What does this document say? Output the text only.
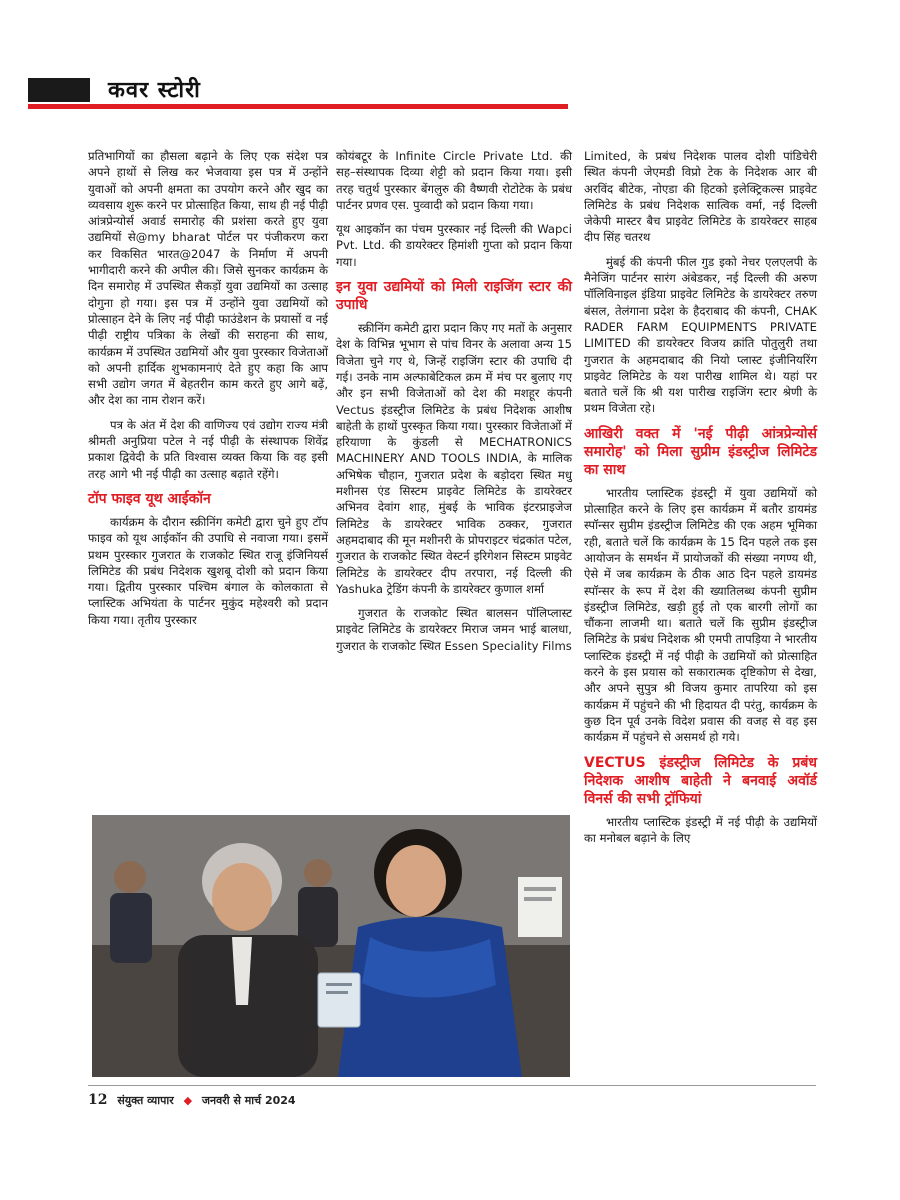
कवर स्टोरी

प्रतिभागियों का हौसला बढ़ाने के लिए एक संदेश पत्र अपने हाथों से लिख कर भेजवाया इस पत्र में उन्होंने युवाओं को अपनी क्षमता का उपयोग करने और खुद का व्यवसाय शुरू करने पर प्रोत्साहित किया, साथ ही नई पीढ़ी आंत्रप्रेन्योर्स अवार्ड समारोह की प्रशंसा करते हुए युवा उद्यमियों से@my bharat पोर्टल पर पंजीकरण करा कर विकसित भारत@2047 के निर्माण में अपनी भागीदारी करने की अपील की। जिसे सुनकर कार्यक्रम के दिन समारोह में उपस्थित सैकड़ों युवा उद्यमियों का उत्साह दोगुना हो गया। इस पत्र में उन्होंने युवा उद्यमियों को प्रोत्साहन देने के लिए नई पीढ़ी फाउंडेशन के प्रयासों व नई पीढ़ी राष्ट्रीय पत्रिका के लेखों की सराहना की साथ, कार्यक्रम में उपस्थित उद्यमियों और युवा पुरस्कार विजेताओं को अपनी हार्दिक शुभकामनाएं देते हुए कहा कि आप सभी उद्योग जगत में बेहतरीन काम करते हुए आगे बढ़ें, और देश का नाम रोशन करें।

पत्र के अंत में देश की वाणिज्य एवं उद्योग राज्य मंत्री श्रीमती अनुप्रिया पटेल ने नई पीढ़ी के संस्थापक शिवेंद्र प्रकाश द्विवेदी के प्रति विश्वास व्यक्त किया कि वह इसी तरह आगे भी नई पीढ़ी का उत्साह बढ़ाते रहेंगे।

टॉप फाइव यूथ आईकॉन

कार्यक्रम के दौरान स्क्रीनिंग कमेटी द्वारा चुने हुए टॉप फाइव को यूथ आईकॉन की उपाधि से नवाजा गया। इसमें प्रथम पुरस्कार गुजरात के राजकोट स्थित राजू इंजिनियर्स लिमिटेड की प्रबंध निदेशक खुशबू दोशी को प्रदान किया गया। द्वितीय पुरस्कार पश्चिम बंगाल के कोलकाता से प्लास्टिक अभियंता के पार्टनर मुकुंद महेश्वरी को प्रदान किया गया। तृतीय पुरस्कार

कोयंबटूर के Infinite Circle Private Ltd. की सह–संस्थापक दिव्या शेट्टी को प्रदान किया गया। इसी तरह चतुर्थ पुरस्कार बेंगलुरु की वैष्णवी रोटोटेक के प्रबंध पार्टनर प्रणव एस. पुव्वादी को प्रदान किया गया।

यूथ आइकॉन का पंचम पुरस्कार नई दिल्ली की Wapci Pvt. Ltd. की डायरेक्टर हिमांशी गुप्ता को प्रदान किया गया।

इन युवा उद्यमियों को मिली राइजिंग स्टार की उपाधि

स्क्रीनिंग कमेटी द्वारा प्रदान किए गए मतों के अनुसार देश के विभिन्न भूभाग से पांच विनर के अलावा अन्य 15 विजेता चुने गए थे, जिन्हें राइजिंग स्टार की उपाधि दी गई। उनके नाम अल्फाबेटिकल क्रम में मंच पर बुलाए गए और इन सभी विजेताओं को देश की मशहूर कंपनी Vectus इंडस्ट्रीज लिमिटेड के प्रबंध निदेशक आशीष बाहेती के हाथों पुरस्कृत किया गया। पुरस्कार विजेताओं में हरियाणा के कुंडली से MECHATRONICS MACHINERY AND TOOLS INDIA, के मालिक अभिषेक चौहान, गुजरात प्रदेश के बड़ोदरा स्थित मधु मशीनस एंड सिस्टम प्राइवेट लिमिटेड के डायरेक्टर अभिनव देवांग शाह, मुंबई के भाविक इंटरप्राइजेज लिमिटेड के डायरेक्टर भाविक ठक्कर, गुजरात अहमदाबाद की मून मशीनरी के प्रोपराइटर चंद्रकांत पटेल, गुजरात के राजकोट स्थित वेस्टर्न इरिगेशन सिस्टम प्राइवेट लिमिटेड के डायरेक्टर दीप तरपारा, नई दिल्ली की Yashuka ट्रेडिंग कंपनी के डायरेक्टर कुणाल शर्मा

गुजरात के राजकोट स्थित बालसन पॉलिप्लास्ट प्राइवेट लिमिटेड के डायरेक्टर मिराज जमन भाई बालधा, गुजरात के राजकोट स्थित Essen Speciality Films

Limited, के प्रबंध निदेशक पालव दोशी पांडिचेरी स्थित कंपनी जेएमडी विप्रो टेक के निदेशक आर बी अरविंद बीटेक, नोएडा की हिटको इलेक्ट्रिकल्स प्राइवेट लिमिटेड के प्रबंध निदेशक सात्विक वर्मा, नई दिल्ली जेकेपी मास्टर बैच प्राइवेट लिमिटेड के डायरेक्टर साहब दीप सिंह चतरथ

मुंबई की कंपनी फील गुड इको नेचर एलएलपी के मैनेजिंग पार्टनर सारंग अंबेडकर, नई दिल्ली की अरुण पॉलिविनाइल इंडिया प्राइवेट लिमिटेड के डायरेक्टर तरुण बंसल, तेलंगाना प्रदेश के हैदराबाद की कंपनी, CHAK RADER FARM EQUIPMENTS PRIVATE LIMITED की डायरेक्टर विजय क्रांति पोतुलुरी तथा गुजरात के अहमदाबाद की नियो प्लास्ट इंजीनियरिंग प्राइवेट लिमिटेड के यश पारीख शामिल थे। यहां पर बताते चलें कि श्री यश पारीख राइजिंग स्टार श्रेणी के प्रथम विजेता रहे।

आखिरी वक्त में 'नई पीढ़ी आंत्रप्रेन्योर्स समारोह' को मिला सुप्रीम इंडस्ट्रीज लिमिटेड का साथ

भारतीय प्लास्टिक इंडस्ट्री में युवा उद्यमियों को प्रोत्साहित करने के लिए इस कार्यक्रम में बतौर डायमंड स्पॉन्सर सुप्रीम इंडस्ट्रीज लिमिटेड की एक अहम भूमिका रही, बताते चलें कि कार्यक्रम के 15 दिन पहले तक इस आयोजन के समर्थन में प्रायोजकों की संख्या नगण्य थी, ऐसे में जब कार्यक्रम के ठीक आठ दिन पहले डायमंड स्पॉन्सर के रूप में देश की ख्यातिलब्ध कंपनी सुप्रीम इंडस्ट्रीज लिमिटेड, खड़ी हुई तो एक बारगी लोगों का चौंकना लाजमी था। बताते चलें कि सुप्रीम इंडस्ट्रीज लिमिटेड के प्रबंध निदेशक श्री एमपी तापड़िया ने भारतीय प्लास्टिक इंडस्ट्री में नई पीढ़ी के उद्यमियों को प्रोत्साहित करने के इस प्रयास को सकारात्मक दृष्टिकोण से देखा, और अपने सुपुत्र श्री विजय कुमार तापरिया को इस कार्यक्रम में पहुंचने की भी हिदायत दी परंतु, कार्यक्रम के कुछ दिन पूर्व उनके विदेश प्रवास की वजह से वह इस कार्यक्रम में पहुंचने से असमर्थ हो गये।

VECTUS इंडस्ट्रीज लिमिटेड के प्रबंध निदेशक आशीष बाहेती ने बनवाई अवॉर्ड विनर्स की सभी ट्रॉफियां

भारतीय प्लास्टिक इंडस्ट्री में नई पीढ़ी के उद्यमियों का मनोबल बढ़ाने के लिए

12 संयुक्त व्यापार ◆ जनवरी से मार्च 2024
